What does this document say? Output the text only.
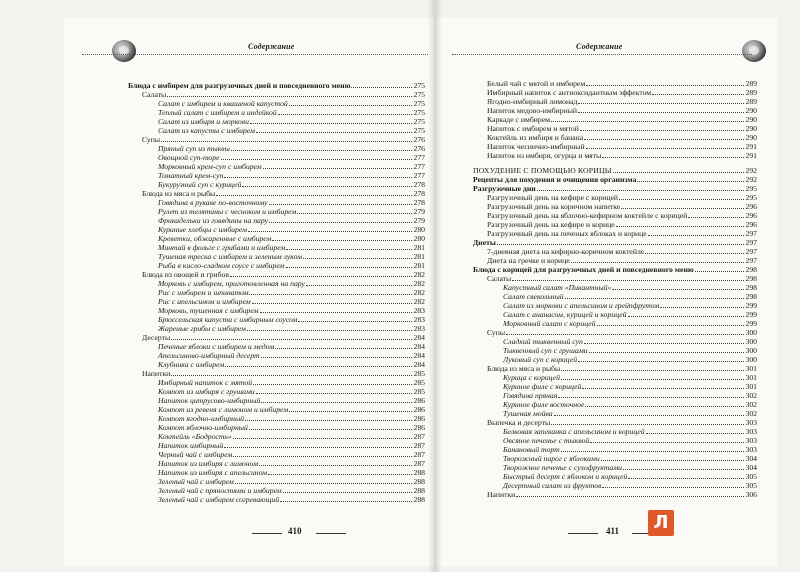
Содержание	Содержание
Блюда с имбирем для разгрузочных дней и повседневного меню	275
Салаты	275
Салат с имбирем и квашеной капустой	275
Теплый салат с имбирем и индейкой	275
Салат из имбиря и моркови	275
Салат из капусты с имбирем	275
Супы	276
Пряный суп из тыквы	276
Овощной суп-пюре	277
Морковный крем-суп с имбирем	277
Томатный крем-суп	277
Букурузный суп с курицей	278
Блюда из мяса и рыбы	278
Говядина в рукаве по-восточному	278
Рулет из телятины с чесноком и имбирем	279
Фрикадельки из говядины на пару	279
Куриные хлебцы с имбирем	280
Креветки, обжаренные с имбирем	280
Минтай в фольге с грибами и имбирем	281
Тушеная треска с имбирем и зеленым луком	281
Рыба в кисло-сладком соусе с имбирем	281
Блюда из овощей и грибов	282
Морковь с имбирем, приготовленная на пару	282
Рис с имбирем и шпинатом	282
Рис с апельсином и имбирем	282
Морковь, тушенная с имбирем	283
Брюссельская капуста с имбирным соусом	283
Жареные грибы с имбирем	283
Десерты	284
Печеные яблоки с имбирем и медом	284
Апельсиново-имбирный десерт	284
Клубника с имбирем	284
Напитки	285
Имбирный напиток с мятой	285
Компот из имбиря с грушами	285
Напиток цитрусово-имбирный	286
Компот из ревеня с лимоном и имбирем	286
Компот ягодно-имбирный	286
Компот яблочно-имбирный	286
Коктейль «Бодрость»	287
Напиток имбирный	287
Черный чай с имбирем	287
Напиток из имбиря с лимоном	287
Напиток из имбиря с апельсином	288
Зеленый чай с имбирем	288
Зеленый чай с пряностями и имбирем	288
Зеленый чай с имбирем согревающий	288
Белый чай с мятой и имбирем	289
Имбирный напиток с антиоксидантным эффектом	289
Ягодно-имбирный лимонад	289
Напиток медово-имбирный	290
Каркаде с имбирем	290
Напиток с имбирем и мятой	290
Коктейль из имбиря и банана	290
Напиток чеснично-имбирный	291
Напиток из имбиря, огурца и мяты	291
ПОХУДЕНИЕ С ПОМОЩЬЮ КОРИЦЫ	292
Рецепты для похудения и очищения организма	292
Разгрузочные дни	295
Разгрузочный день на кефире с корицей	295
Разгрузочный день на коричном напитке	296
Разгрузочный день на яблочно-кефирном коктейле с корицей	296
Разгрузочный день на кефире и корице	296
Разгрузочный день на печеных яблоках и корице	297
Диеты	297
7-дневная диета на кефирно-коричном коктейле	297
Диета на гречке и корице	297
Блюда с корицей для разгрузочных дней и повседневного меню	298
Салаты	298
Капустный салат «Пикантный»	298
Салат свекольный	298
Салат из моркови с апельсином и грейпфрутом	299
Салат с ананасом, курицей и корицей	299
Морковный салат с корицей	299
Супы	300
Сладкий тыквенный суп	300
Тыквенный суп с грушами	300
Луковый суп с корицей	300
Блюда из мяса и рыбы	301
Курица с корицей	301
Куриное филе с корицей	301
Говядина пряная	302
Куриное филе восточное	302
Тушеная мойва	302
Выпечка и десерты	303
Белковая запеканка с апельсином и корицей	303
Овсяное печенье с тыквой	303
Банановый торт	303
Творожный пирог с яблоками	304
Творожное печенье с сухофруктами	304
Быстрый десерт с яблоком и корицей	305
Десертный салат из фруктов	305
Напитки	306
410	411	Л
